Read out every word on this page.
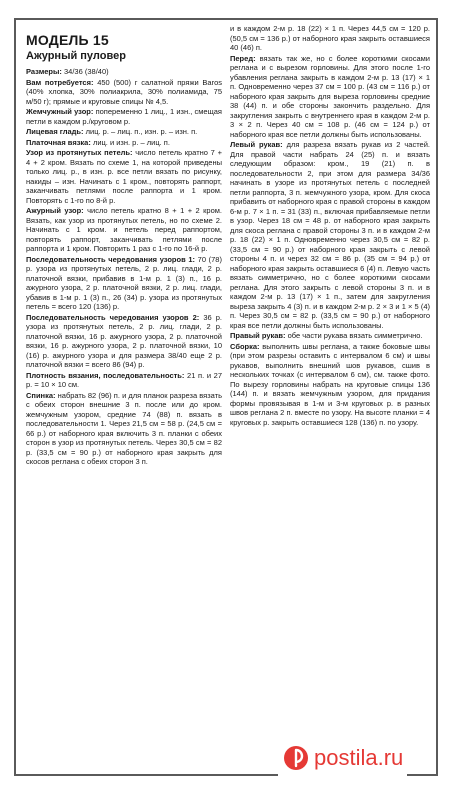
МОДЕЛЬ 15
Ажурный пуловер
Размеры: 34/36 (38/40)
Вам потребуется: 450 (500) г салатной пряжи Baros (40% хлопка, 30% полиакрила, 30% полиамида, 75 м/50 г); прямые и круговые спицы № 4,5.
Жемчужный узор: попеременно 1 лиц., 1 изн., смещая петли в каждом р./круговом р.
Лицевая гладь: лиц. р. – лиц. п., изн. р. – изн. п.
Платочная вязка: лиц. и изн. р. – лиц. п.
Узор из протянутых петель: число петель кратно 7 + 4 + 2 кром. Вязать по схеме 1, на которой приведены только лиц. р., в изн. р. все петли вязать по рисунку, накиды – изн. Начинать с 1 кром., повторять раппорт, заканчивать петлями после раппорта и 1 кром. Повторять с 1-го по 8-й р.
Ажурный узор: число петель кратно 8 + 1 + 2 кром. Вязать, как узор из протянутых петель, но по схеме 2. Начинать с 1 кром. и петель перед раппортом, повторять раппорт, заканчивать петлями после раппорта и 1 кром. Повторить 1 раз с 1-го по 16-й р.
Последовательность чередования узоров 1: 70 (78) р. узора из протянутых петель, 2 р. лиц. глади, 2 р. платочной вязки, прибавив в 1-м р. 1 (3) п., 16 р. ажурного узора, 2 р. платочной вязки, 2 р. лиц. глади, убавив в 1-м р. 1 (3) п., 26 (34) р. узора из протянутых петель = всего 120 (136) р.
Последовательность чередования узоров 2: 36 р. узора из протянутых петель, 2 р. лиц. глади, 2 р. платочной вязки, 16 р. ажурного узора, 2 р. платочной вязки, 16 р. ажурного узора, 2 р. платочной вязки, 10 (16) р. ажурного узора и для размера 38/40 еще 2 р. платочной вязки = всего 86 (94) р.
Плотность вязания, последовательность: 21 п. и 27 р. = 10 × 10 см.
Спинка: набрать 82 (96) п. и для планок разреза вязать с обеих сторон внешние 3 п. после или до кром. жемчужным узором, средние 74 (88) п. вязать в последовательности 1. Через 21,5 см = 58 р. (24,5 см = 66 р.) от наборного края включить 3 п. планки с обеих сторон в узор из протянутых петель. Через 30,5 см = 82 р. (33,5 см = 90 р.) от наборного края закрыть для скосов реглана с обеих сторон 3 п.
и в каждом 2-м р. 18 (22) × 1 п. Через 44,5 см = 120 р. (50,5 см = 136 р.) от наборного края закрыть оставшиеся 40 (46) п.
Перед: вязать так же, но с более короткими скосами реглана и с вырезом горловины. Для этого после 1-го убавления реглана закрыть в каждом 2-м р. 13 (17) × 1 п. Одновременно через 37 см = 100 р. (43 см = 116 р.) от наборного края закрыть для выреза горловины средние 38 (44) п. и обе стороны закончить раздельно. Для закругления закрыть с внутреннего края в каждом 2-м р. 3 × 2 п. Через 40 см = 108 р. (46 см = 124 р.) от наборного края все петли должны быть использованы.
Левый рукав: для разреза вязать рукав из 2 частей. Для правой части набрать 24 (25) п. и вязать следующим образом: кром., 19 (21) п. в последовательности 2, при этом для размера 34/36 начинать в узоре из протянутых петель с последней петли раппорта, 3 п. жемчужного узора, кром. Для скоса прибавить от наборного края с правой стороны в каждом 6-м р. 7 × 1 п. = 31 (33) п., включая прибавляемые петли в узор. Через 18 см = 48 р. от наборного края закрыть для скоса реглана с правой стороны 3 п. и в каждом 2-м р. 18 (22) × 1 п. Одновременно через 30,5 см = 82 р. (33,5 см = 90 р.) от наборного края закрыть с левой стороны 4 п. и через 32 см = 86 р. (35 см = 94 р.) от наборного края закрыть оставшиеся 6 (4) п. Левую часть вязать симметрично, но с более короткими скосами реглана. Для этого закрыть с левой стороны 3 п. и в каждом 2-м р. 13 (17) × 1 п., затем для закругления выреза закрыть 4 (3) п. и в каждом 2-м р. 2 × 3 и 1 × 5 (4) п. Через 30,5 см = 82 р. (33,5 см = 90 р.) от наборного края все петли должны быть использованы.
Правый рукав: обе части рукава вязать симметрично.
Сборка: выполнить швы реглана, а также боковые швы (при этом разрезы оставить с интервалом 6 см) и швы рукавов, выполнить внешний шов рукавов, сшив в нескольких точках (с интервалом 6 см), см. также фото. По вырезу горловины набрать на круговые спицы 136 (144) п. и вязать жемчужным узором, для придания формы провязывая в 1-м и 3-м круговых р. в разных швов реглана 2 п. вместе по узору. На высоте планки = 4 круговых р. закрыть оставшиеся 128 (136) п. по узору.
postila.ru
